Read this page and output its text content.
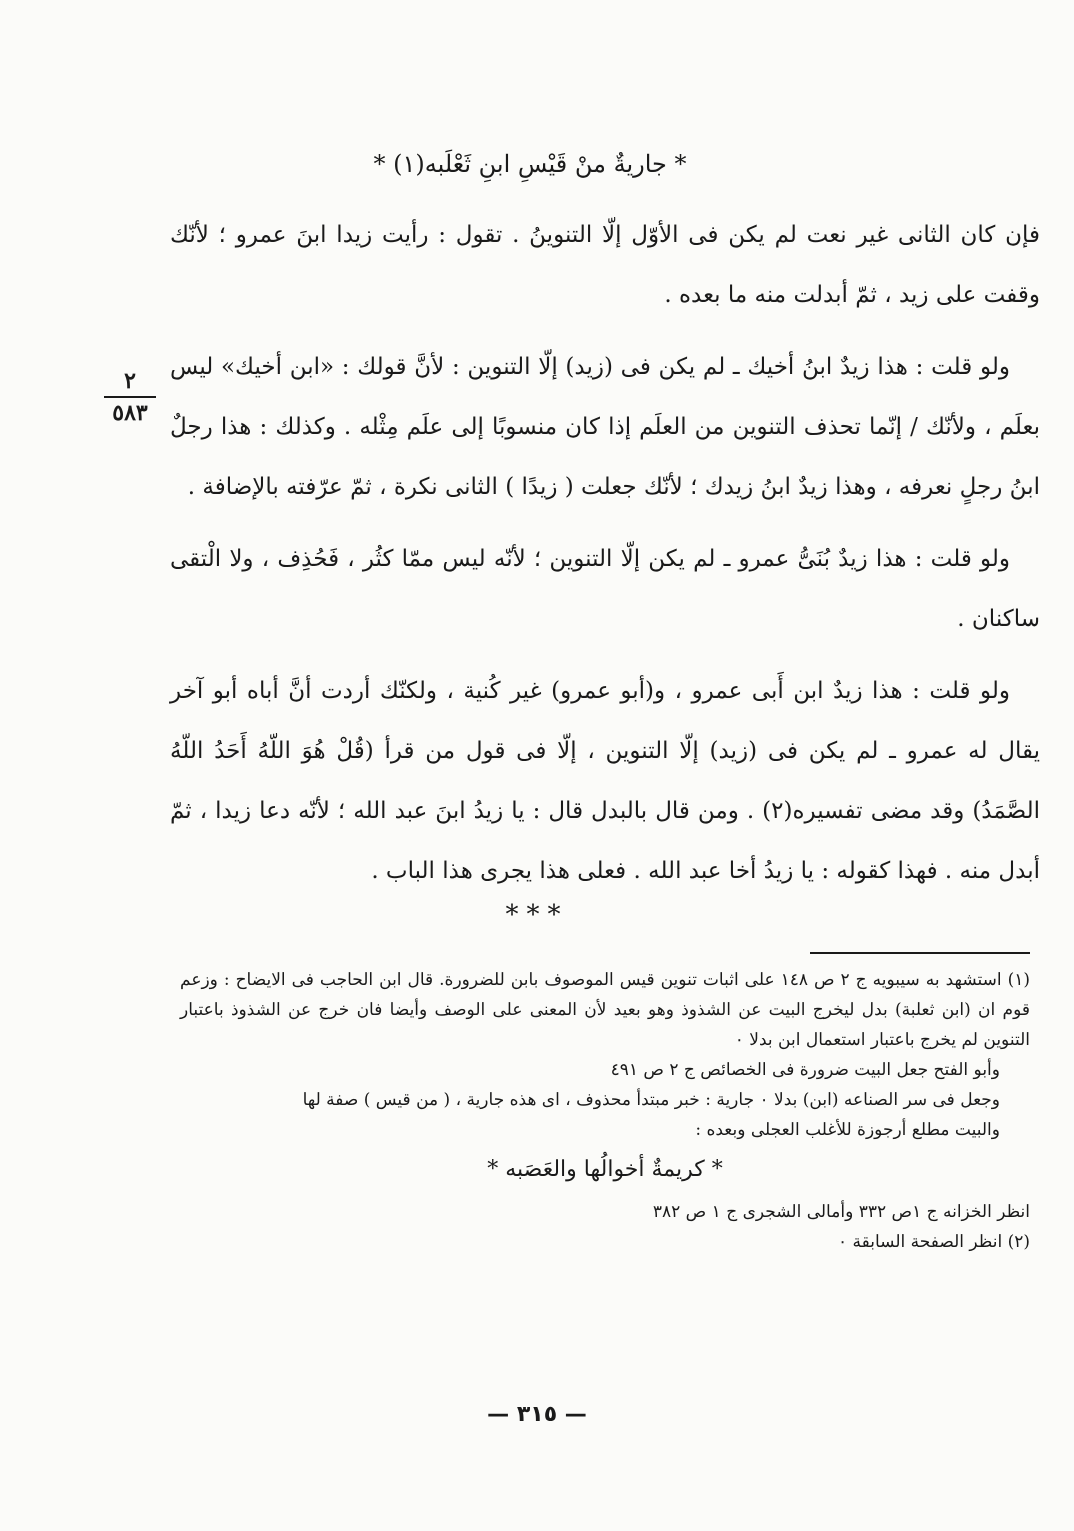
* جاريةٌ منْ قَيْسِ ابنِ ثَعْلَبه(١) *
٢
٥٨٣

فإن كان الثانى غير نعت لم يكن فى الأوّل إلّا التنوينُ . تقول : رأيت زيدا ابنَ عمرو ؛ لأنّك وقفت على زيد ، ثمّ أبدلت منه ما بعده .

ولو قلت : هذا زيدٌ ابنُ أخيك ـ لم يكن فى (زيد) إلّا التنوين : لأنَّ قولك : «ابن أخيك» ليس بعلَم ، ولأنّك / إنّما تحذف التنوين من العلَم إذا كان منسوبًا إلى علَم مِثْله . وكذلك : هذا رجلٌ ابنُ رجلٍ نعرفه ، وهذا زيدٌ ابنُ زيدك ؛ لأنّك جعلت ( زيدًا ) الثانى نكرة ، ثمّ عرّفته بالإضافة .

ولو قلت : هذا زيدٌ بُنَىُّ عمرو ـ لم يكن إلّا التنوين ؛ لأنّه ليس ممّا كثُر ، فَحُذِف ، ولا الْتقى ساكنان .

ولو قلت : هذا زيدٌ ابن أَبى عمرو ، و(أبو عمرو) غير كُنية ، ولكنّك أردت أنَّ أباه أبو آخر يقال له عمرو ـ لم يكن فى (زيد) إلّا التنوين ، إلّا فى قول من قرأ (قُلْ هُوَ اللّهُ أَحَدُ اللّهُ الصَّمَدُ) وقد مضى تفسيره(٢) . ومن قال بالبدل قال : يا زيدُ ابنَ عبد الله ؛ لأنّه دعا زيدا ، ثمّ أبدل منه . فهذا كقوله : يا زيدُ أخا عبد الله . فعلى هذا يجرى هذا الباب .

***

(١) استشهد به سيبويه ج ٢ ص ١٤٨ على اثبات تنوين قيس الموصوف بابن للضرورة. قال ابن الحاجب فى الايضاح : وزعم قوم ان (ابن ثعلبة) بدل ليخرج البيت عن الشذوذ وهو بعيد لأن المعنى على الوصف وأيضا فان خرج عن الشذوذ باعتبار التنوين لم يخرج باعتبار استعمال ابن بدلا ٠

وأبو الفتح جعل البيت ضرورة فى الخصائص ج ٢ ص ٤٩١

وجعل فى سر الصناعه (ابن) بدلا ٠ جارية : خبر مبتدأ محذوف ، اى هذه جارية ، ( من قيس ) صفة لها

والبيت مطلع أرجوزة للأغلب العجلى وبعده :

* كريمةٌ أخوالُها والعَصَبه *

انظر الخزانه ج ١ص ٣٣٢ وأمالى الشجرى ج ١ ص ٣٨٢

(٢) انظر الصفحة السابقة ٠

— ٣١٥ —
